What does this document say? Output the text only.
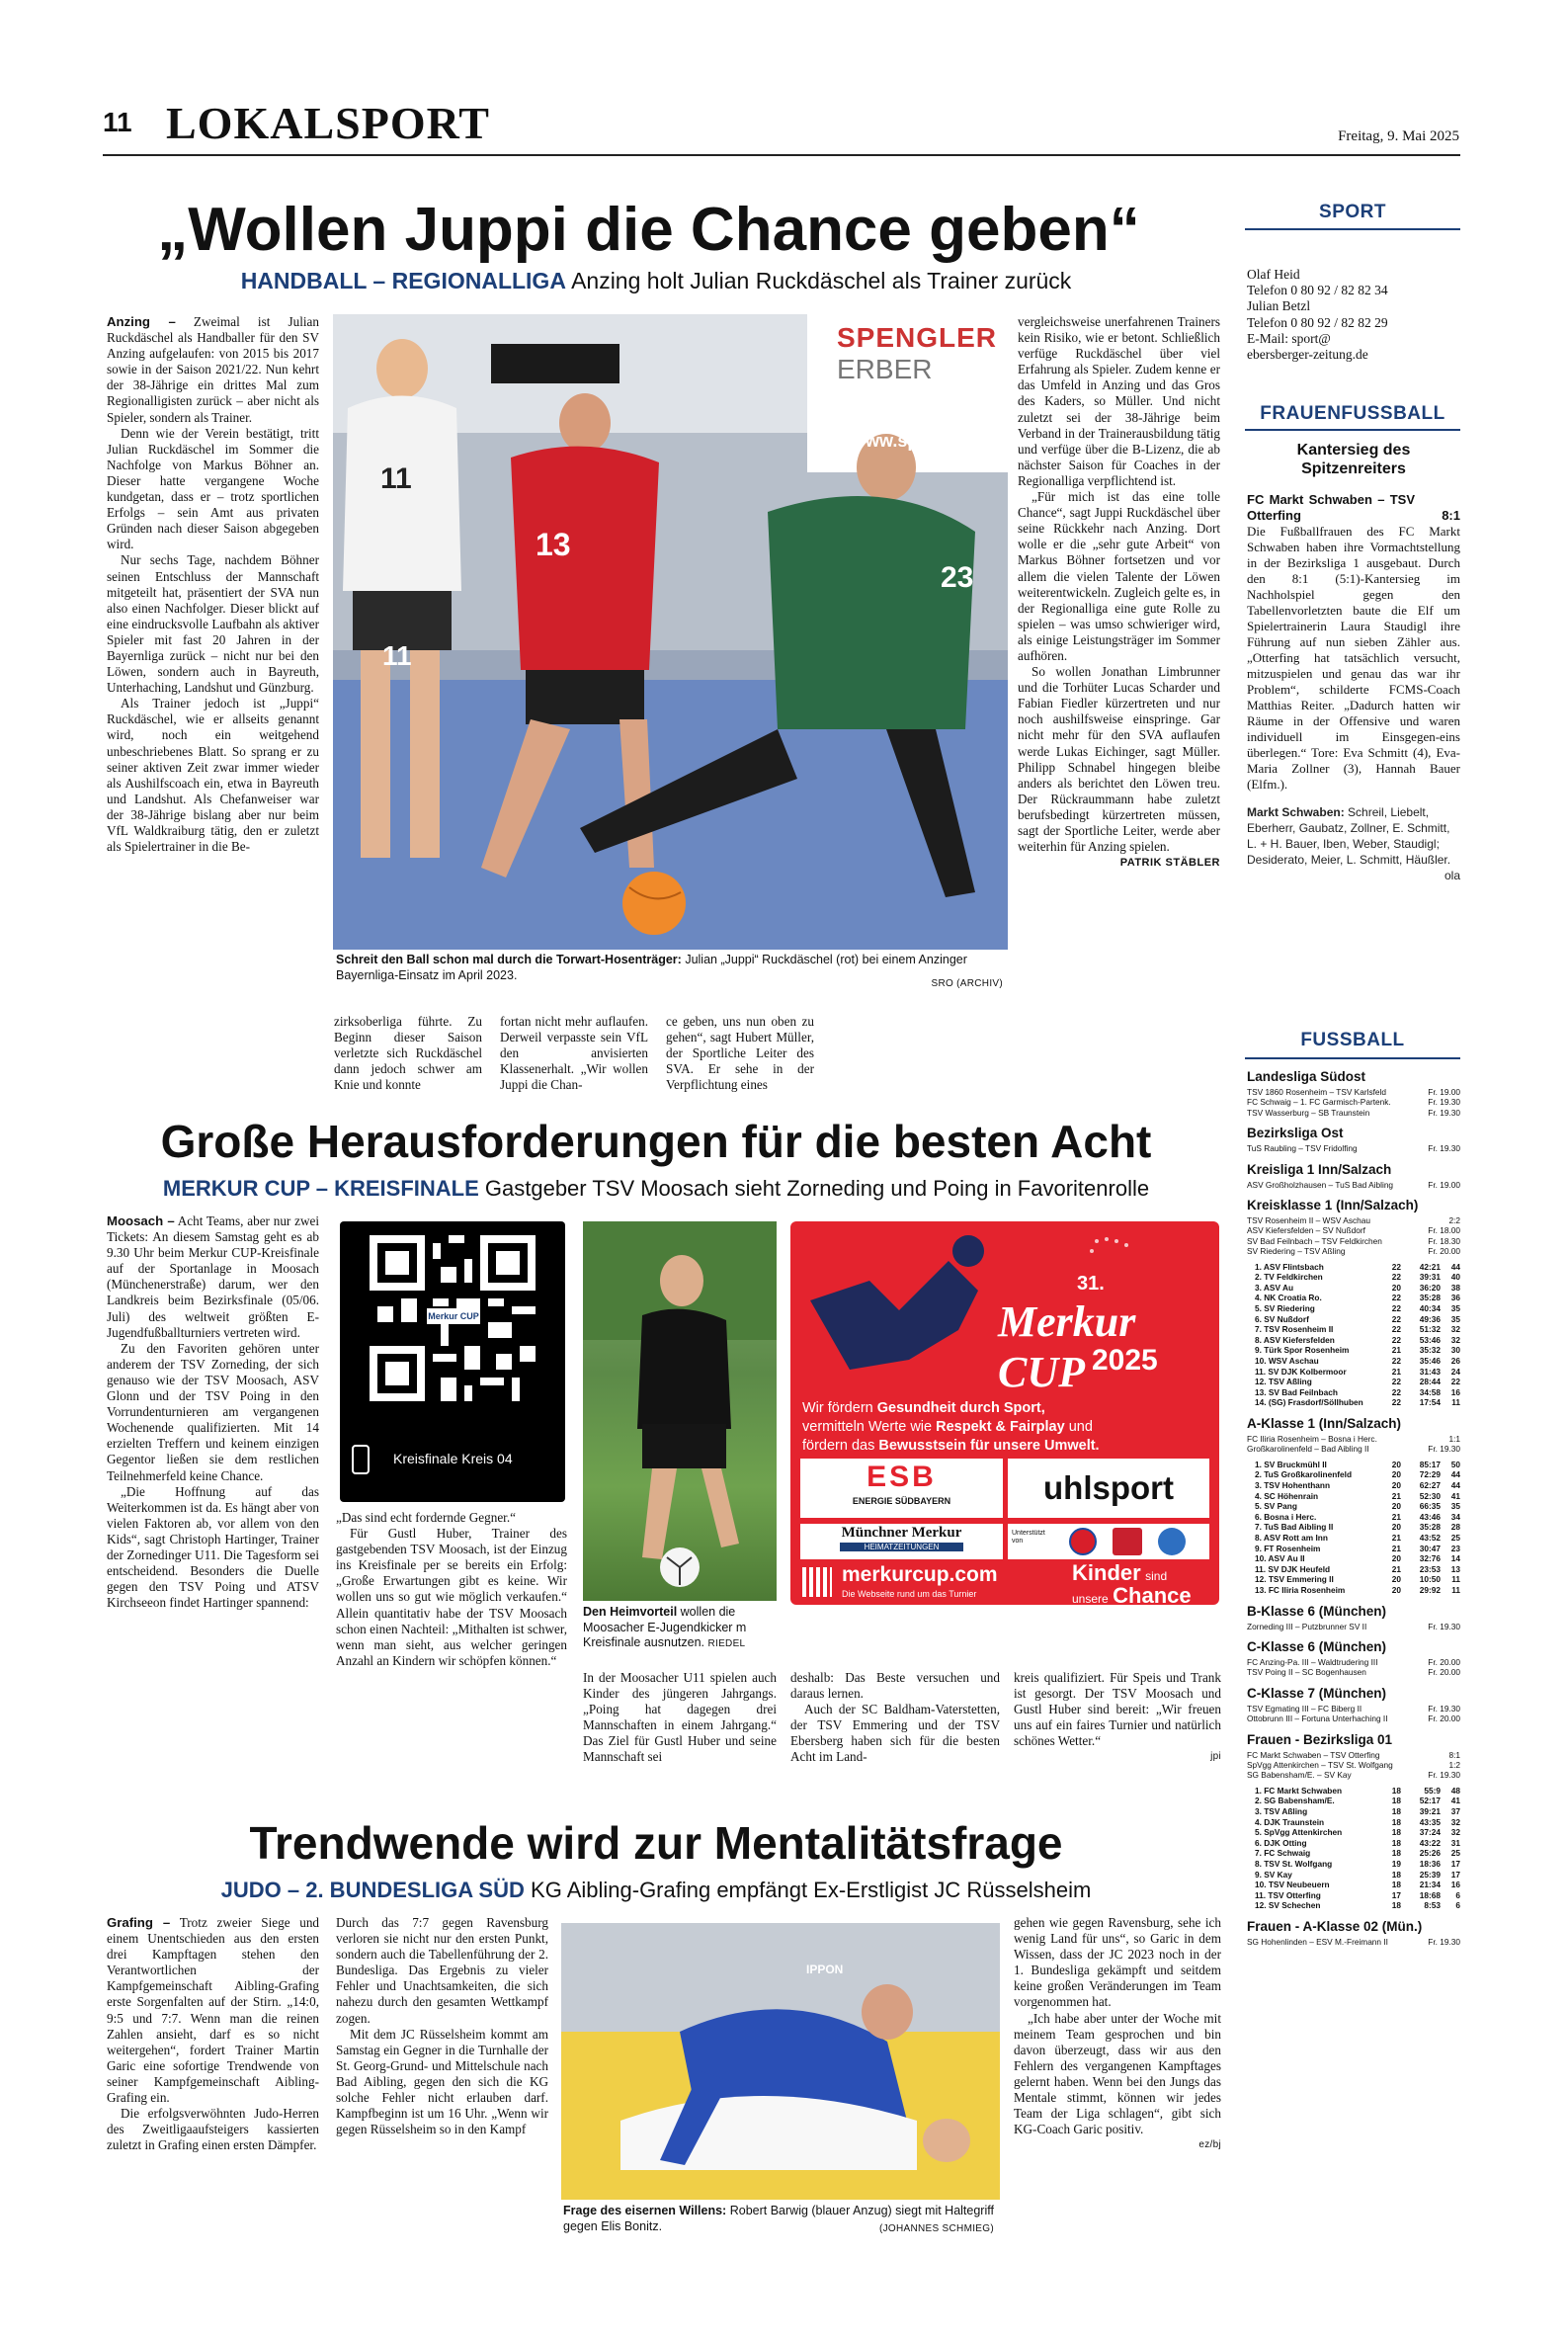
11 LOKALSPORT	Freitag, 9. Mai 2025
„Wollen Juppi die Chance geben“
HANDBALL – REGIONALLIGA Anzing holt Julian Ruckdäschel als Trainer zurück

Anzing – Zweimal ist Julian Ruckdäschel als Handballer für den SV Anzing aufgelaufen: von 2015 bis 2017 sowie in der Saison 2021/22. Nun kehrt der 38-Jährige ein drittes Mal zum Regionalligisten zurück – aber nicht als Spieler, sondern als Trainer.

Denn wie der Verein bestätigt, tritt Julian Ruckdäschel im Sommer die Nachfolge von Markus Böhner an. Dieser hatte vergangene Woche kundgetan, dass er – trotz sportlichen Erfolgs – sein Amt aus privaten Gründen nach dieser Saison abgegeben wird.

Nur sechs Tage, nachdem Böhner seinen Entschluss der Mannschaft mitgeteilt hat, präsentiert der SVA nun also einen Nachfolger. Dieser blickt auf eine eindrucksvolle Laufbahn als aktiver Spieler mit fast 20 Jahren in der Bayernliga zurück – nicht nur bei den Löwen, sondern auch in Bayreuth, Unterhaching, Landshut und Günzburg.

Als Trainer jedoch ist „Juppi“ Ruckdäschel, wie er allseits genannt wird, noch ein weitgehend unbeschriebenes Blatt. So sprang er zu seiner aktiven Zeit zwar immer wieder als Aushilfscoach ein, etwa in Bayreuth und Landshut. Als Chefanweiser war der 38-Jährige bislang aber nur beim VfL Waldkraiburg tätig, den er zuletzt als Spielertrainer in die Be-

SPENGLER
ERBER
www.spenglererber
11
13
11
23
Schreit den Ball schon mal durch die Torwart-Hosenträger: Julian „Juppi“ Ruckdäschel (rot) bei einem Anzinger Bayernliga-Einsatz im April 2023.
SRO (ARCHIV)

zirksoberliga führte. Zu Beginn dieser Saison verletzte sich Ruckdäschel dann jedoch schwer am Knie und konnte

fortan nicht mehr auflaufen. Derweil verpasste sein VfL den anvisierten Klassenerhalt. „Wir wollen Juppi die Chan-

ce geben, uns nun oben zu gehen“, sagt Hubert Müller, der Sportliche Leiter des SVA. Er sehe in der Verpflichtung eines

vergleichsweise unerfahrenen Trainers kein Risiko, wie er betont. Schließlich verfüge Ruckdäschel über viel Erfahrung als Spieler. Zudem kenne er das Umfeld in Anzing und das Gros des Kaders, so Müller. Und nicht zuletzt sei der 38-Jährige beim Verband in der Trainerausbildung tätig und verfüge über die B-Lizenz, die ab nächster Saison für Coaches in der Regionalliga verpflichtend ist.

„Für mich ist das eine tolle Chance“, sagt Juppi Ruckdäschel über seine Rückkehr nach Anzing. Dort wolle er die „sehr gute Arbeit“ von Markus Böhner fortsetzen und vor allem die vielen Talente der Löwen weiterentwickeln. Zugleich gelte es, in der Regionalliga eine gute Rolle zu spielen – was umso schwieriger wird, als einige Leistungsträger im Sommer aufhören.

So wollen Jonathan Limbrunner und die Torhüter Lucas Scharder und Fabian Fiedler kürzertreten und nur noch aushilfsweise einspringe. Gar nicht mehr für den SVA auflaufen werde Lukas Eichinger, sagt Müller. Philipp Schnabel hingegen bleibe anders als berichtet den Löwen treu. Der Rückraummann habe zuletzt berufsbedingt kürzertreten müssen, sagt der Sportliche Leiter, werde aber weiterhin für Anzing spielen.

PATRIK STÄBLER
Große Herausforderungen für die besten Acht
MERKUR CUP – KREISFINALE Gastgeber TSV Moosach sieht Zorneding und Poing in Favoritenrolle

Moosach – Acht Teams, aber nur zwei Tickets: An diesem Samstag geht es ab 9.30 Uhr beim Merkur CUP-Kreisfinale auf der Sportanlage in Moosach (Münchenerstraße) darum, wer den Landkreis beim Bezirksfinale (05/06. Juli) des weltweit größten E-Jugendfußballturniers vertreten wird.

Zu den Favoriten gehören unter anderem der TSV Zorneding, der sich genauso wie der TSV Moosach, ASV Glonn und der TSV Poing in den Vorrundenturnieren am vergangenen Wochenende qualifizierten. Mit 14 erzielten Treffern und keinem einzigen Gegentor ließen sie dem restlichen Teilnehmerfeld keine Chance.

„Die Hoffnung auf das Weiterkommen ist da. Es hängt aber von vielen Faktoren ab, vor allem von den Kids“, sagt Christoph Hartinger, Trainer der Zornedinger U11. Die Tagesform sei entscheidend. Besonders die Duelle gegen den TSV Poing und ATSV Kirchseeon findet Hartinger spannend:

Merkur CUP
Kreisfinale Kreis 04

„Das sind echt fordernde Gegner.“

Für Gustl Huber, Trainer des gastgebenden TSV Moosach, ist der Einzug ins Kreisfinale per se bereits ein Erfolg: „Große Erwartungen gibt es keine. Wir wollen uns so gut wie möglich verkaufen.“ Allein quantitativ habe der TSV Moosach schon einen Nachteil: „Mithalten ist schwer, wenn man sieht, aus welcher geringen Anzahl an Kindern wir schöpfen können.“

Den Heimvorteil wollen die Moosacher E-Jugendkicker m Kreisfinale ausnutzen. RIEDEL
31.
Merkur CUP 2025
Wir fördern Gesundheit durch Sport,
vermitteln Werte wie Respekt & Fairplay und
fördern das Bewusstsein für unsere Umwelt.
ESB
ENERGIE SÜDBAYERN	uhlsport
Münchner Merkur
HEIMATZEITUNGEN
Unterstützt von
merkurcup.com
Die Webseite rund um das Turnier
Kinder sind
unsere Chance

In der Moosacher U11 spielen auch Kinder des jüngeren Jahrgangs. „Poing hat dagegen drei Mannschaften in einem Jahrgang.“ Das Ziel für Gustl Huber und seine Mannschaft sei

deshalb: Das Beste versuchen und daraus lernen.

Auch der SC Baldham-Vaterstetten, der TSV Emmering und der TSV Ebersberg haben sich für die besten Acht im Land-

kreis qualifiziert. Für Speis und Trank ist gesorgt. Der TSV Moosach und Gustl Huber sind bereit: „Wir freuen uns auf ein faires Turnier und natürlich schönes Wetter.“

jpi
Trendwende wird zur Mentalitätsfrage
JUDO – 2. BUNDESLIGA SÜD KG Aibling-Grafing empfängt Ex-Erstligist JC Rüsselsheim

Grafing – Trotz zweier Siege und einem Unentschieden aus den ersten drei Kampftagen stehen den Verantwortlichen der Kampfgemeinschaft Aibling-Grafing erste Sorgenfalten auf der Stirn. „14:0, 9:5 und 7:7. Wenn man die reinen Zahlen ansieht, darf es so nicht weitergehen“, fordert Trainer Martin Garic eine sofortige Trendwende von seiner Kampfgemeinschaft Aibling-Grafing ein.

Die erfolgsverwöhnten Judo-Herren des Zweitligaaufsteigers kassierten zuletzt in Grafing einen ersten Dämpfer.

Durch das 7:7 gegen Ravensburg verloren sie nicht nur den ersten Punkt, sondern auch die Tabellenführung der 2. Bundesliga. Das Ergebnis zu vieler Fehler und Unachtsamkeiten, die sich nahezu durch den gesamten Wettkampf zogen.

Mit dem JC Rüsselsheim kommt am Samstag ein Gegner in die Turnhalle der St. Georg-Grund- und Mittelschule nach Bad Aibling, gegen den sich die KG solche Fehler nicht erlauben darf. Kampfbeginn ist um 16 Uhr. „Wenn wir gegen Rüsselsheim so in den Kampf

IPPON
Frage des eisernen Willens: Robert Barwig (blauer Anzug) siegt mit Haltegriff gegen Elis Bonitz.	(JOHANNES SCHMIEG)

gehen wie gegen Ravensburg, sehe ich wenig Land für uns“, so Garic in dem Wissen, dass der JC 2023 noch in der 1. Bundesliga gekämpft und seitdem keine großen Veränderungen im Team vorgenommen hat.

„Ich habe aber unter der Woche mit meinem Team gesprochen und bin davon überzeugt, dass wir aus den Fehlern des vergangenen Kampftages gelernt haben. Wenn bei den Jungs das Mentale stimmt, können wir jedes Team der Liga schlagen“, gibt sich KG-Coach Garic positiv.

ez/bj
SPORT
Olaf Heid
Telefon 0 80 92 / 82 82 34
Julian Betzl
Telefon 0 80 92 / 82 82 29
E-Mail: sport@
ebersberger-zeitung.de
FRAUENFUSSBALL
Kantersieg des Spitzenreiters
FC Markt Schwaben – TSV Otterfing	8:1
Die Fußballfrauen des FC Markt Schwaben haben ihre Vormachtstellung in der Bezirksliga 1 ausgebaut. Durch den 8:1 (5:1)-Kantersieg im Nachholspiel gegen den Tabellenvorletzten baute die Elf um Spielertrainerin Laura Staudigl ihre Führung auf nun sieben Zähler aus. „Otterfing hat tatsächlich versucht, mitzuspielen und genau das war ihr Problem“, schilderte FCMS-Coach Matthias Reiter. „Dadurch hatten wir Räume in der Offensive und waren individuell im Einsgegen-eins überlegen.“ Tore: Eva Schmitt (4), Eva-Maria Zollner (3), Hannah Bauer (Elfm.).
Markt Schwaben: Schreil, Liebelt, Eberherr, Gaubatz, Zollner, E. Schmitt, L. + H. Bauer, Iben, Weber, Staudigl; Desiderato, Meier, L. Schmitt, Häußler.
ola
FUSSBALL
Landesliga Südost
TSV 1860 Rosenheim – TSV Karlsfeld	Fr. 19.00
FC Schwaig – 1. FC Garmisch-Partenk.	Fr. 19.30
TSV Wasserburg – SB Traunstein	Fr. 19.30
Bezirksliga Ost
TuS Raubling – TSV Fridolfing	Fr. 19.30
Kreisliga 1 Inn/Salzach
ASV Großholzhausen – TuS Bad Aibling	Fr. 19.00
Kreisklasse 1 (Inn/Salzach)
TSV Rosenheim II – WSV Aschau	2:2
ASV Kiefersfelden – SV Nußdorf	Fr. 18.00
SV Bad Feilnbach – TSV Feldkirchen	Fr. 18.30
SV Riedering – TSV Aßling	Fr. 20.00
1. ASV Flintsbach	22	42:21	44
2. TV Feldkirchen	22	39:31	40
3. ASV Au	20	36:20	38
4. NK Croatia Ro.	22	35:28	36
5. SV Riedering	22	40:34	35
6. SV Nußdorf	22	49:36	35
7. TSV Rosenheim II	22	51:32	32
8. ASV Kiefersfelden	22	53:46	32
9. Türk Spor Rosenheim	21	35:32	30
10. WSV Aschau	22	35:46	26
11. SV DJK Kolbermoor	21	31:43	24
12. TSV Aßling	22	28:44	22
13. SV Bad Feilnbach	22	34:58	16
14. (SG) Frasdorf/Söllhuben	22	17:54	11
A-Klasse 1 (Inn/Salzach)
FC Iliria Rosenheim – Bosna i Herc.	1:1
Großkarolinenfeld – Bad Aibling II	Fr. 19.30
1. SV Bruckmühl II	20	85:17	50
2. TuS Großkarolinenfeld	20	72:29	44
3. TSV Hohenthann	20	62:27	44
4. SC Höhenrain	21	52:30	41
5. SV Pang	20	66:35	35
6. Bosna i Herc.	21	43:46	34
7. TuS Bad Aibling II	20	35:28	28
8. ASV Rott am Inn	21	43:52	25
9. FT Rosenheim	21	30:47	23
10. ASV Au II	20	32:76	14
11. SV DJK Heufeld	21	23:53	13
12. TSV Emmering II	20	10:50	11
13. FC Iliria Rosenheim	20	29:92	11
B-Klasse 6 (München)
Zorneding III – Putzbrunner SV II	Fr. 19.30
C-Klasse 6 (München)
FC Anzing-Pa. III – Waldtrudering III	Fr. 20.00
TSV Poing II – SC Bogenhausen	Fr. 20.00
C-Klasse 7 (München)
TSV Egmating III – FC Biberg II	Fr. 19.30
Ottobrunn III – Fortuna Unterhaching II	Fr. 20.00
Frauen - Bezirksliga 01
FC Markt Schwaben – TSV Otterfing	8:1
SpVgg Attenkirchen – TSV St. Wolfgang	1:2
SG Babensham/E. – SV Kay	Fr. 19.30
1. FC Markt Schwaben	18	55:9	48
2. SG Babensham/E.	18	52:17	41
3. TSV Aßling	18	39:21	37
4. DJK Traunstein	18	43:35	32
5. SpVgg Attenkirchen	18	37:24	32
6. DJK Otting	18	43:22	31
7. FC Schwaig	18	25:26	25
8. TSV St. Wolfgang	19	18:36	17
9. SV Kay	18	25:39	17
10. TSV Neubeuern	18	21:34	16
11. TSV Otterfing	17	18:68	6
12. SV Schechen	18	8:53	6
Frauen - A-Klasse 02 (Mün.)
SG Hohenlinden – ESV M.-Freimann II	Fr. 19.30
